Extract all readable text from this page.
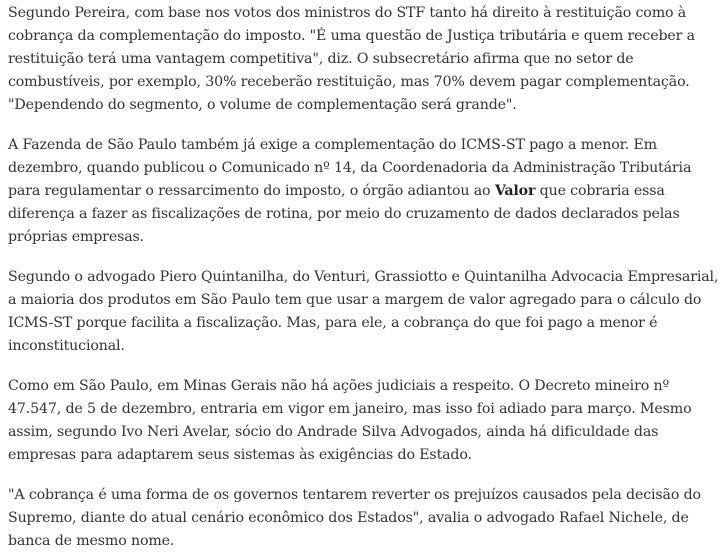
Segundo Pereira, com base nos votos dos ministros do STF tanto há direito à restituição como à cobrança da complementação do imposto. "É uma questão de Justiça tributária e quem receber a restituição terá uma vantagem competitiva", diz. O subsecretário afirma que no setor de combustíveis, por exemplo, 30% receberão restituição, mas 70% devem pagar complementação. "Dependendo do segmento, o volume de complementação será grande".

A Fazenda de São Paulo também já exige a complementação do ICMS-ST pago a menor. Em dezembro, quando publicou o Comunicado nº 14, da Coordenadoria da Administração Tributária para regulamentar o ressarcimento do imposto, o órgão adiantou ao Valor que cobraria essa diferença a fazer as fiscalizações de rotina, por meio do cruzamento de dados declarados pelas próprias empresas.

Segundo o advogado Piero Quintanilha, do Venturi, Grassiotto e Quintanilha Advocacia Empresarial, a maioria dos produtos em São Paulo tem que usar a margem de valor agregado para o cálculo do ICMS-ST porque facilita a fiscalização. Mas, para ele, a cobrança do que foi pago a menor é inconstitucional.

Como em São Paulo, em Minas Gerais não há ações judiciais a respeito. O Decreto mineiro nº 47.547, de 5 de dezembro, entraria em vigor em janeiro, mas isso foi adiado para março. Mesmo assim, segundo Ivo Neri Avelar, sócio do Andrade Silva Advogados, ainda há dificuldade das empresas para adaptarem seus sistemas às exigências do Estado.

"A cobrança é uma forma de os governos tentarem reverter os prejuízos causados pela decisão do Supremo, diante do atual cenário econômico dos Estados", avalia o advogado Rafael Nichele, de banca de mesmo nome.
